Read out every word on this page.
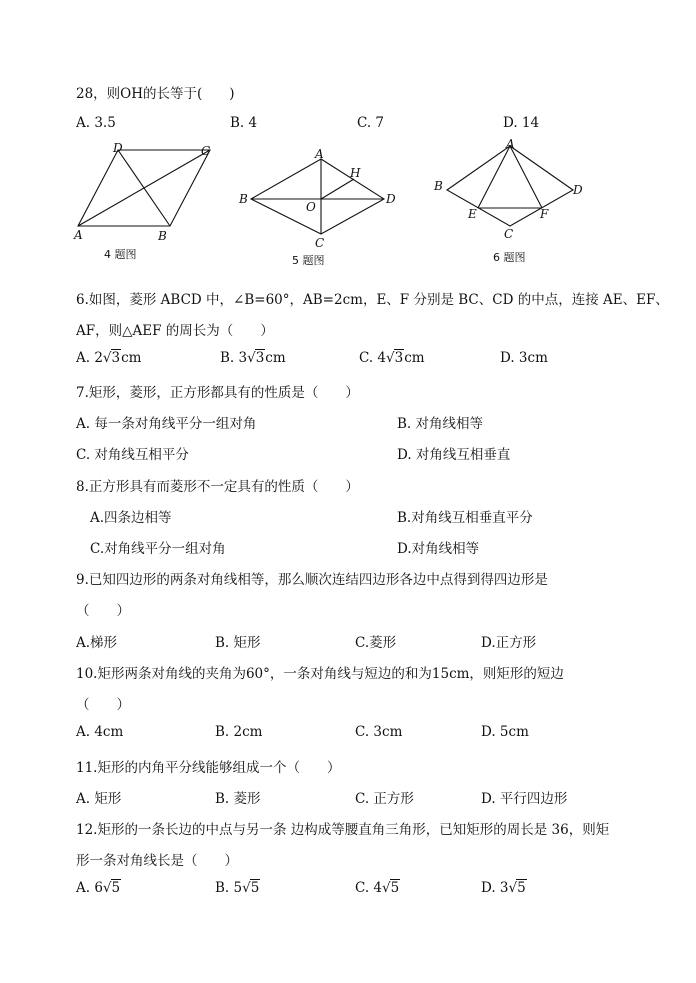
28，则OH的长等于(　　)
A. 3.5	B. 4	C. 7	D. 14
D	C
A	B
4 题图
A
H
B
O
D
C
5 题图
A
B	D
E	F
C
6 题图
6.如图，菱形 ABCD 中，∠B=60°，AB=2cm，E、F 分别是 BC、CD 的中点，连接 AE、EF、
AF，则△AEF 的周长为（　　）
A. 2√3cm	B. 3√3cm	C. 4√3cm	D. 3cm
7.矩形，菱形，正方形都具有的性质是（　　）
A. 每一条对角线平分一组对角	B. 对角线相等
C. 对角线互相平分	D. 对角线互相垂直
8.正方形具有而菱形不一定具有的性质（　　）
A.四条边相等	B.对角线互相垂直平分
C.对角线平分一组对角	D.对角线相等
9.已知四边形的两条对角线相等，那么顺次连结四边形各边中点得到得四边形是
（　　）
A.梯形	B. 矩形	C.菱形	D.正方形
10.矩形两条对角线的夹角为60°，一条对角线与短边的和为15cm，则矩形的短边
（　　）
A. 4cm	B. 2cm	C. 3cm	D. 5cm
11.矩形的内角平分线能够组成一个（　　）
A. 矩形	B. 菱形	C. 正方形	D. 平行四边形
12.矩形的一条长边的中点与另一条 边构成等腰直角三角形，已知矩形的周长是 36，则矩
形一条对角线长是（　　）
A. 6√5	B. 5√5	C. 4√5	D. 3√5
